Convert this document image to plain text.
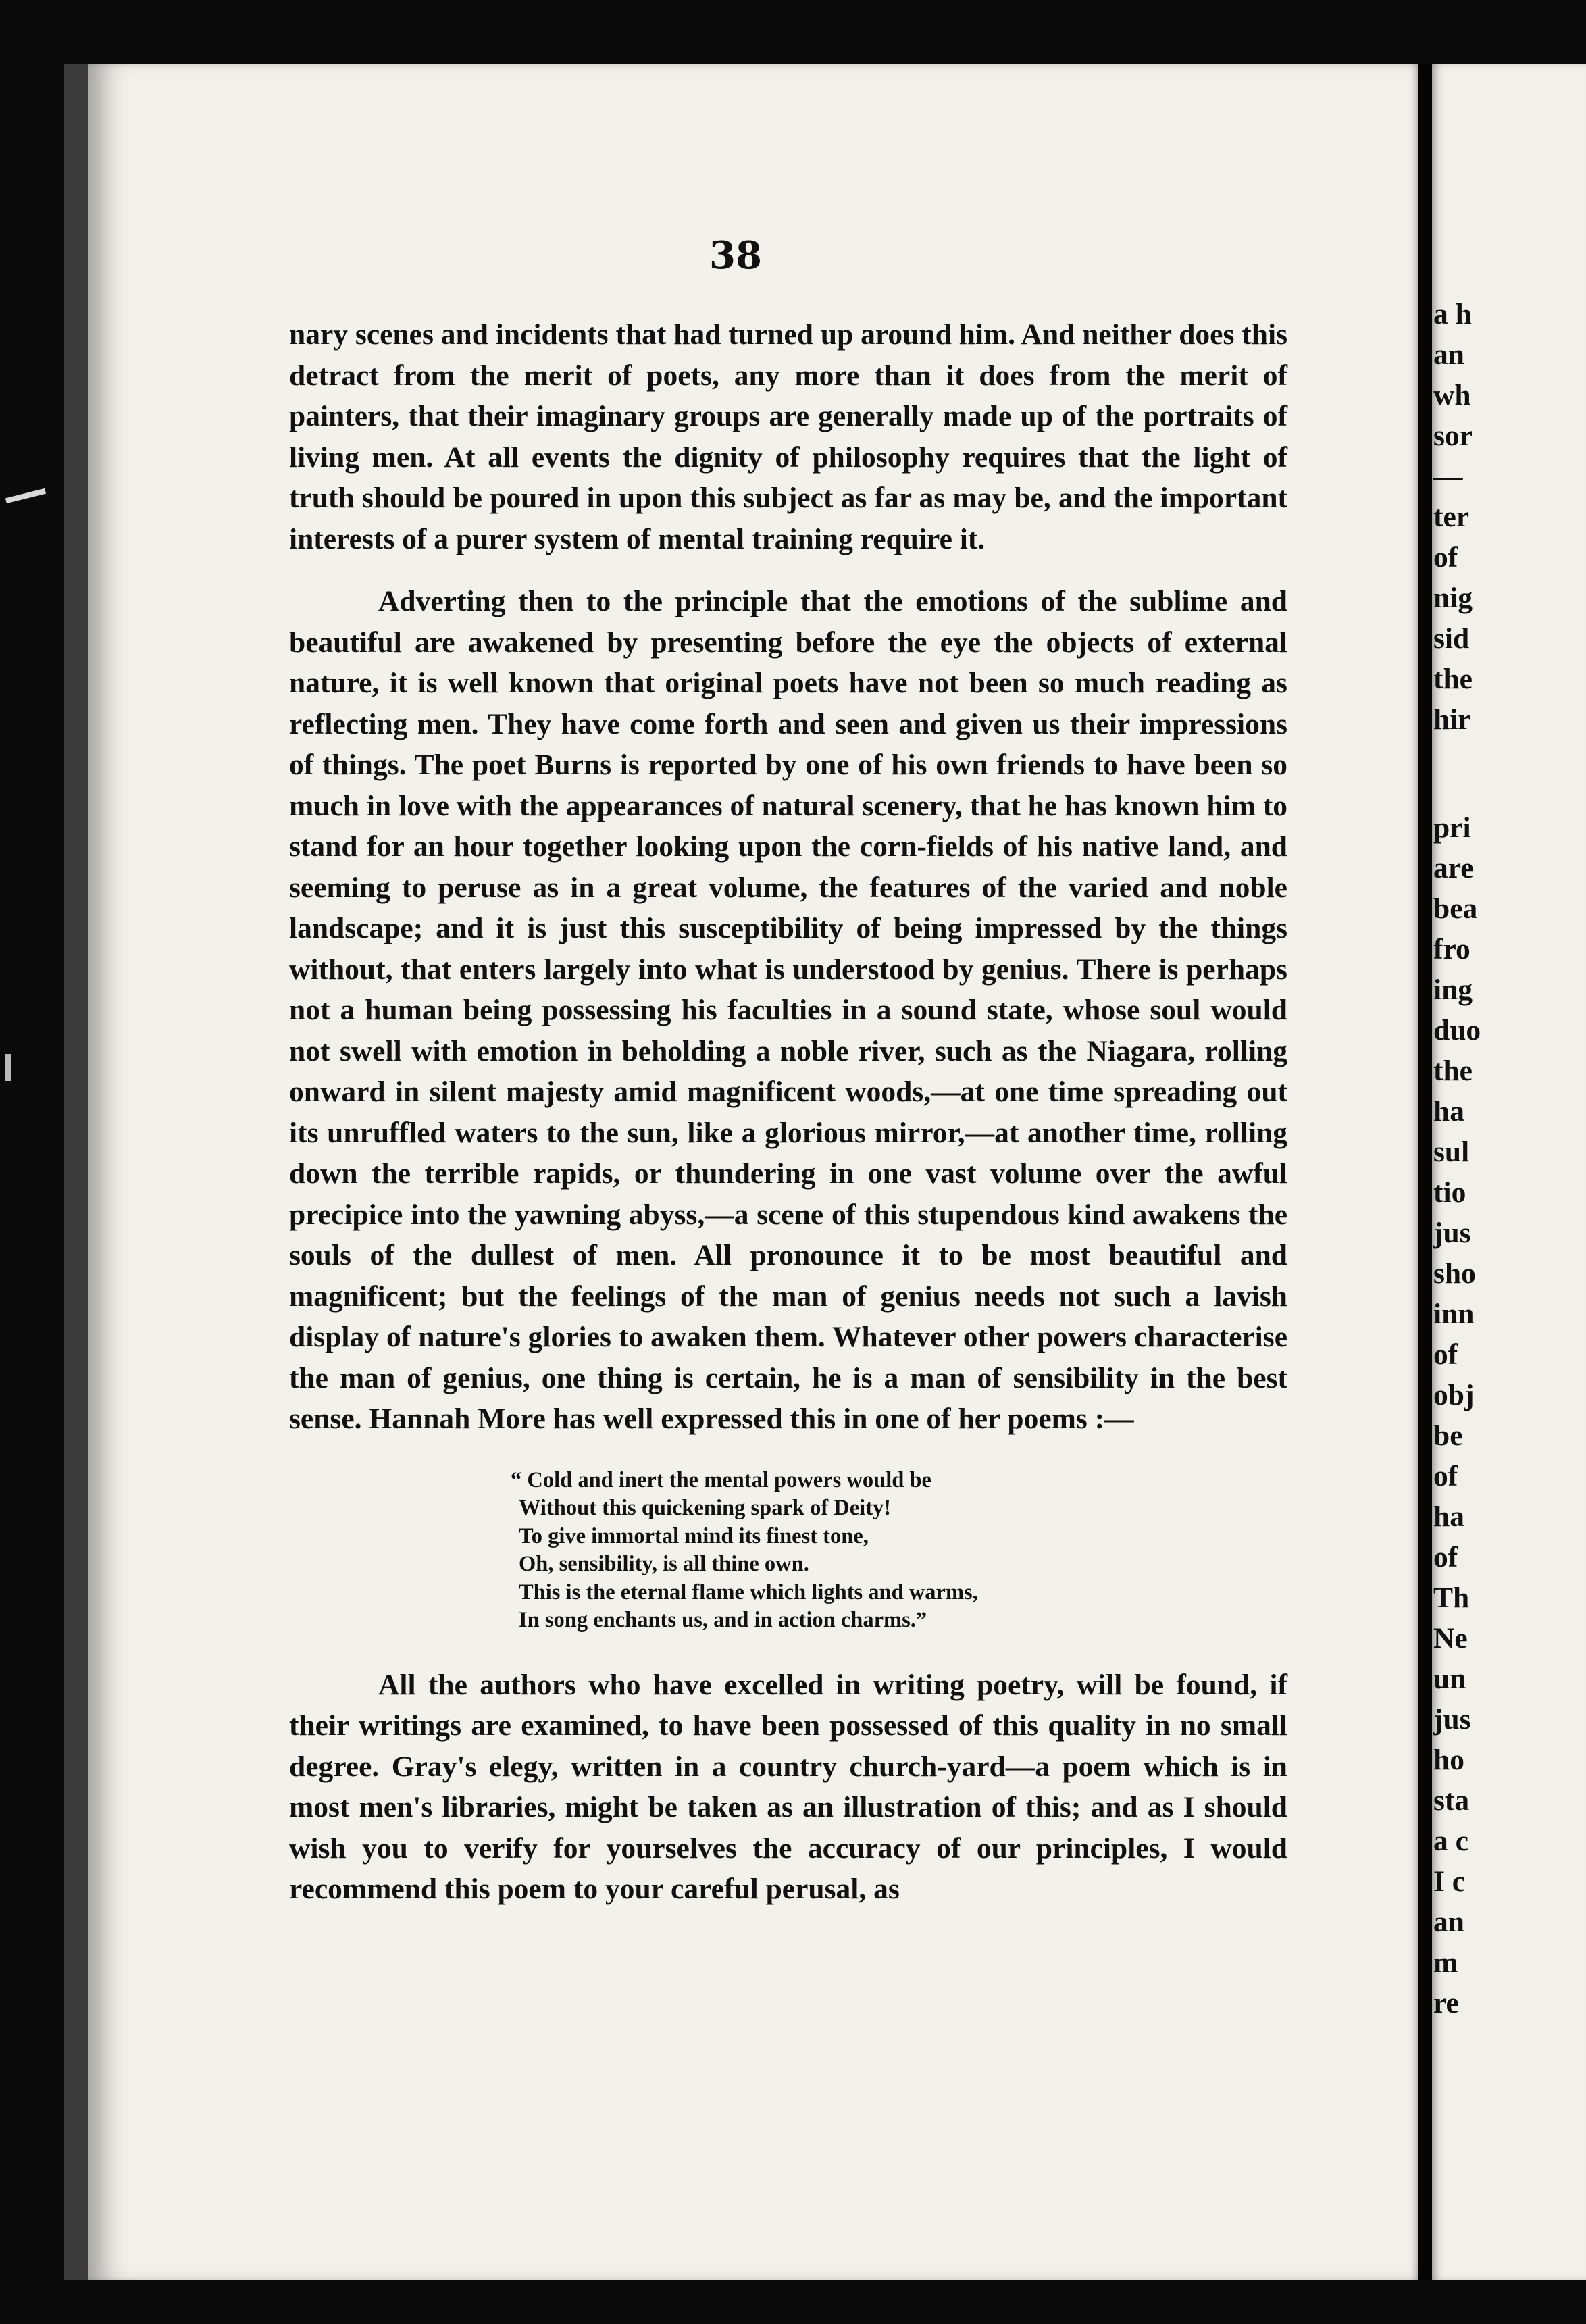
38

nary scenes and incidents that had turned up around him. And neither does this detract from the merit of poets, any more than it does from the merit of painters, that their imaginary groups are generally made up of the portraits of living men. At all events the dignity of philosophy requires that the light of truth should be poured in upon this subject as far as may be, and the important interests of a purer system of mental training require it.

Adverting then to the principle that the emotions of the sublime and beautiful are awakened by presenting before the eye the objects of external nature, it is well known that original poets have not been so much reading as reflecting men. They have come forth and seen and given us their impressions of things. The poet Burns is reported by one of his own friends to have been so much in love with the appearances of natural scenery, that he has known him to stand for an hour together looking upon the corn-fields of his native land, and seeming to peruse as in a great volume, the features of the varied and noble landscape; and it is just this susceptibility of being impressed by the things without, that enters largely into what is understood by genius. There is perhaps not a human being possessing his faculties in a sound state, whose soul would not swell with emotion in beholding a noble river, such as the Niagara, rolling onward in silent majesty amid magnificent woods,—at one time spreading out its unruffled waters to the sun, like a glorious mirror,—at another time, rolling down the terrible rapids, or thundering in one vast volume over the awful precipice into the yawning abyss,—a scene of this stupendous kind awakens the souls of the dullest of men. All pronounce it to be most beautiful and magnificent; but the feelings of the man of genius needs not such a lavish display of nature's glories to awaken them. Whatever other powers characterise the man of genius, one thing is certain, he is a man of sensibility in the best sense. Hannah More has well expressed this in one of her poems :—

“ Cold and inert the mental powers would be
Without this quickening spark of Deity!
To give immortal mind its finest tone,
Oh, sensibility, is all thine own.
This is the eternal flame which lights and warms,
In song enchants us, and in action charms.”

All the authors who have excelled in writing poetry, will be found, if their writings are examined, to have been possessed of this quality in no small degree. Gray's elegy, written in a country church-yard—a poem which is in most men's libraries, might be taken as an illustration of this; and as I should wish you to verify for yourselves the accuracy of our principles, I would recommend this poem to your careful perusal, as

a h
an
wh
sor
—
ter
of
nig
sid
the
hir
pri
are
bea
fro
ing
duo
the
ha
sul
tio
jus
sho
inn
of
obj
be
of
ha
of
Th
Ne
un
jus
ho
sta
a c
I c
an
m
re
